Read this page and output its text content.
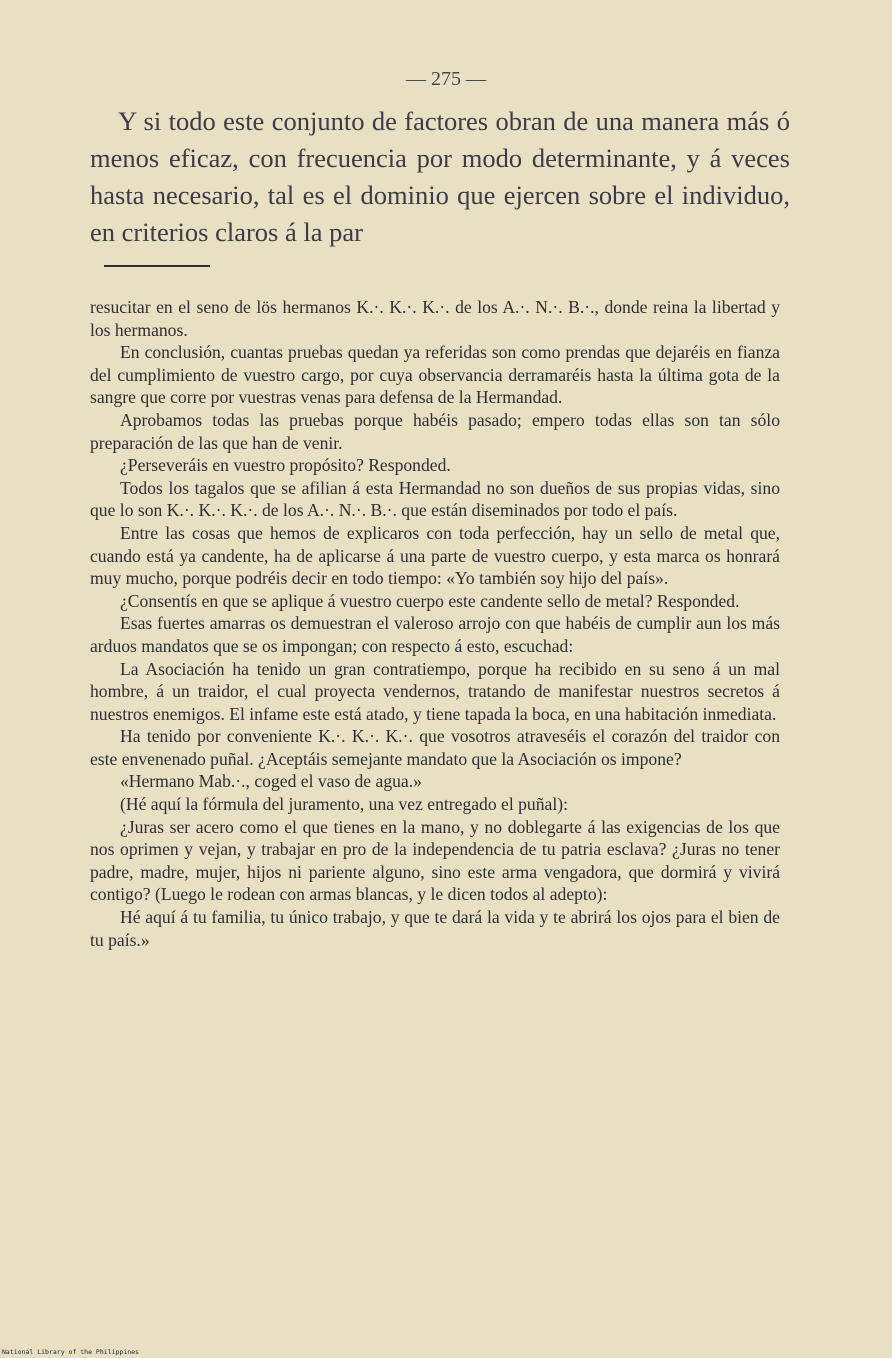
— 275 —

Y si todo este conjunto de factores obran de una manera más ó menos eficaz, con frecuencia por modo determinante, y á veces hasta necesario, tal es el dominio que ejercen sobre el individuo, en criterios claros á la par

resucitar en el seno de lös hermanos K.·. K.·. K.·. de los A.·. N.·. B.·., donde reina la libertad y los hermanos.

En conclusión, cuantas pruebas quedan ya referidas son como prendas que dejaréis en fianza del cumplimiento de vuestro cargo, por cuya observancia derramaréis hasta la última gota de la sangre que corre por vuestras venas para defensa de la Hermandad.

Aprobamos todas las pruebas porque habéis pasado; empero todas ellas son tan sólo preparación de las que han de venir.

¿Perseveráis en vuestro propósito? Responded.

Todos los tagalos que se afilian á esta Hermandad no son dueños de sus propias vidas, sino que lo son K.·. K.·. K.·. de los A.·. N.·. B.·. que están diseminados por todo el país.

Entre las cosas que hemos de explicaros con toda perfección, hay un sello de metal que, cuando está ya candente, ha de aplicarse á una parte de vuestro cuerpo, y esta marca os honrará muy mucho, porque podréis decir en todo tiempo: «Yo también soy hijo del país».

¿Consentís en que se aplique á vuestro cuerpo este candente sello de metal? Responded.

Esas fuertes amarras os demuestran el valeroso arrojo con que habéis de cumplir aun los más arduos mandatos que se os impongan; con respecto á esto, escuchad:

La Asociación ha tenido un gran contratiempo, porque ha recibido en su seno á un mal hombre, á un traidor, el cual proyecta vendernos, tratando de manifestar nuestros secretos á nuestros enemigos. El infame este está atado, y tiene tapada la boca, en una habitación inmediata.

Ha tenido por conveniente K.·. K.·. K.·. que vosotros atraveséis el corazón del traidor con este envenenado puñal. ¿Aceptáis semejante mandato que la Asociación os impone?

«Hermano Mab.·., coged el vaso de agua.»

(Hé aquí la fórmula del juramento, una vez entregado el puñal):

¿Juras ser acero como el que tienes en la mano, y no doblegarte á las exigencias de los que nos oprimen y vejan, y trabajar en pro de la independencia de tu patria esclava? ¿Juras no tener padre, madre, mujer, hijos ni pariente alguno, sino este arma vengadora, que dormirá y vivirá contigo? (Luego le rodean con armas blancas, y le dicen todos al adepto):

Hé aquí á tu familia, tu único trabajo, y que te dará la vida y te abrirá los ojos para el bien de tu país.»

National Library of the Philippines
